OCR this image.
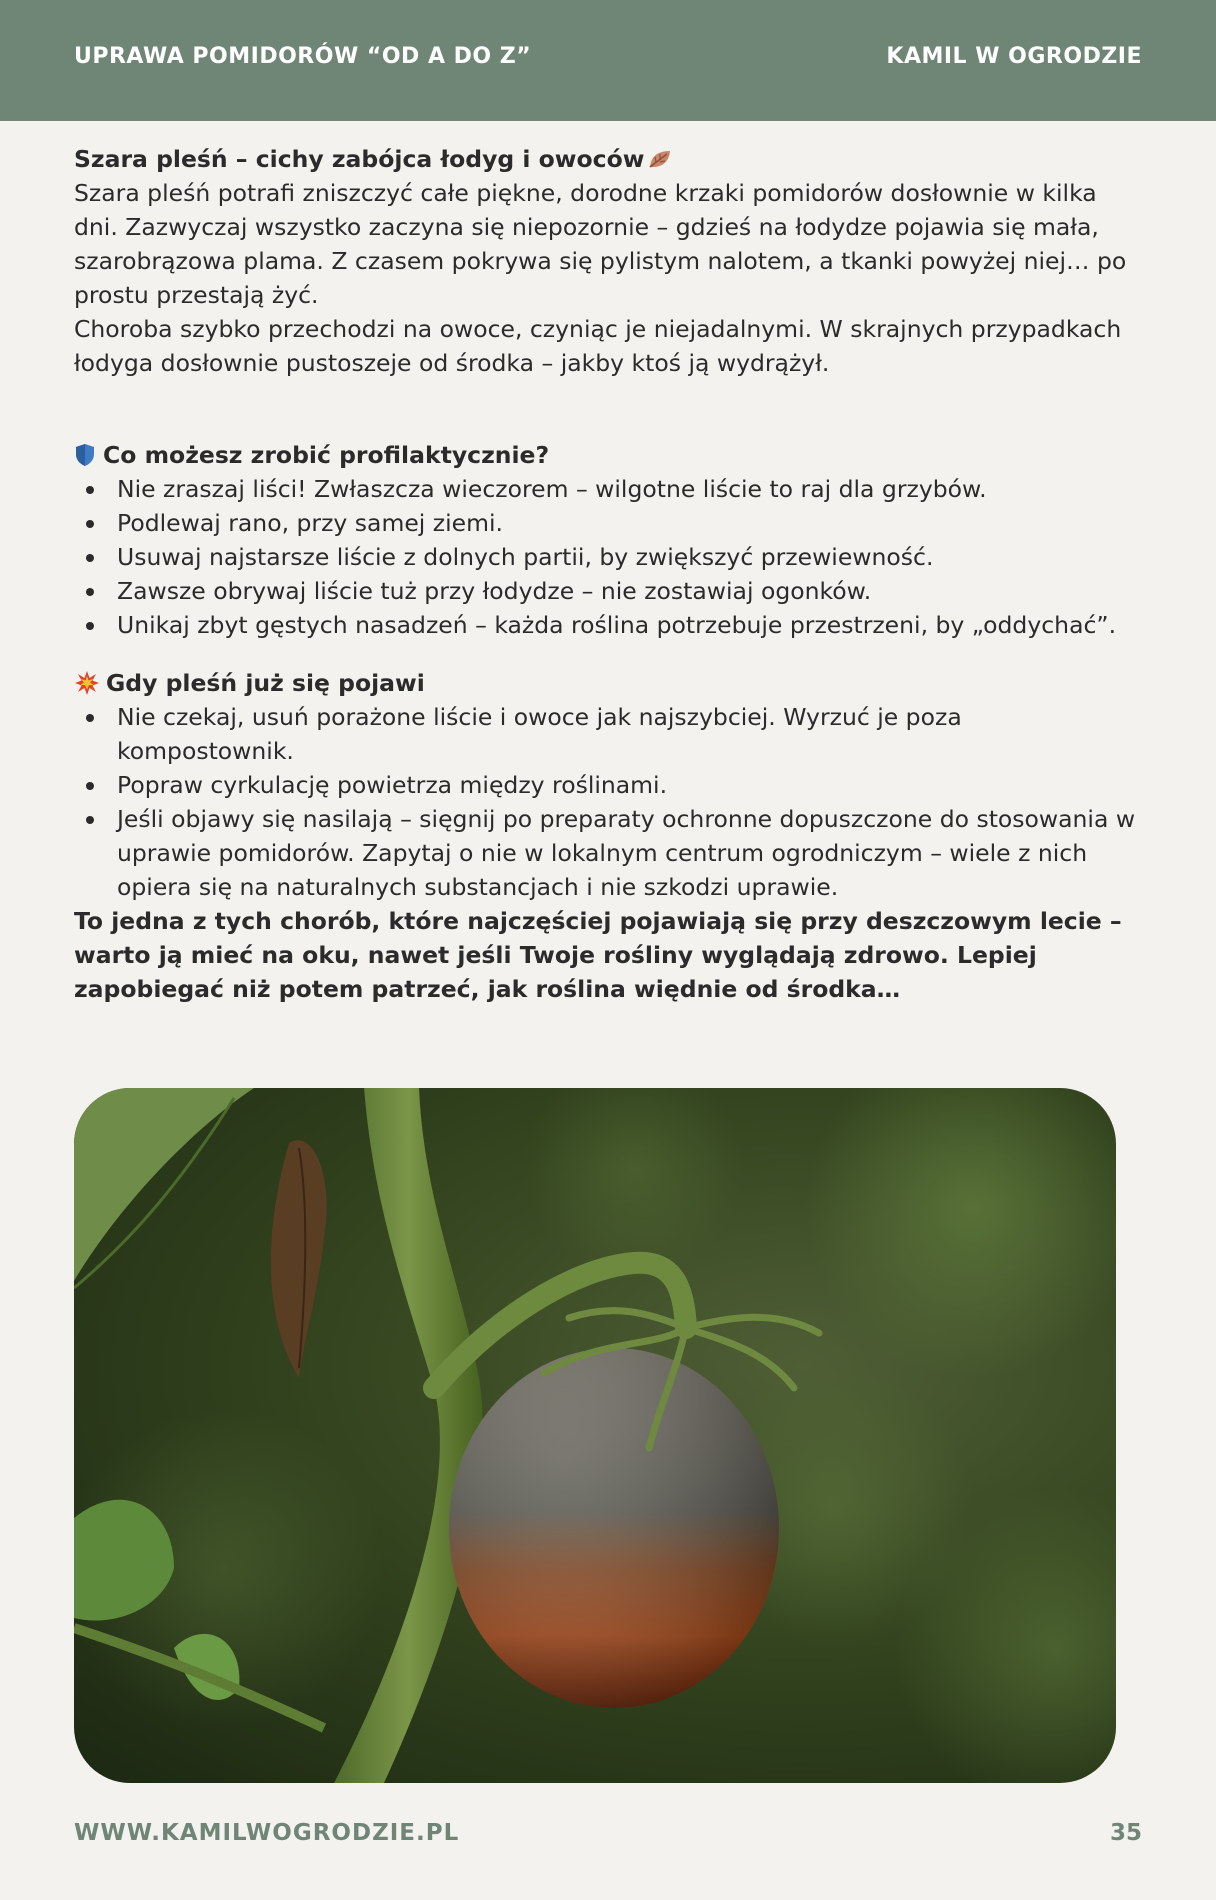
UPRAWA POMIDORÓW “OD A DO Z”	KAMIL W OGRODZIE

Szara pleśń – cichy zabójca łodyg i owoców

Szara pleśń potrafi zniszczyć całe piękne, dorodne krzaki pomidorów dosłownie w kilka dni. Zazwyczaj wszystko zaczyna się niepozornie – gdzieś na łodydze pojawia się mała, szarobrązowa plama. Z czasem pokrywa się pylistym nalotem, a tkanki powyżej niej… po prostu przestają żyć.

Choroba szybko przechodzi na owoce, czyniąc je niejadalnymi. W skrajnych przypadkach łodyga dosłownie pustoszeje od środka – jakby ktoś ją wydrążył.

Co możesz zrobić profilaktycznie?

Nie zraszaj liści! Zwłaszcza wieczorem – wilgotne liście to raj dla grzybów.
Podlewaj rano, przy samej ziemi.
Usuwaj najstarsze liście z dolnych partii, by zwiększyć przewiewność.
Zawsze obrywaj liście tuż przy łodydze – nie zostawiaj ogonków.
Unikaj zbyt gęstych nasadzeń – każda roślina potrzebuje przestrzeni, by „oddychać”.

Gdy pleśń już się pojawi

Nie czekaj, usuń porażone liście i owoce jak najszybciej. Wyrzuć je poza kompostownik.
Popraw cyrkulację powietrza między roślinami.
Jeśli objawy się nasilają – sięgnij po preparaty ochronne dopuszczone do stosowania w uprawie pomidorów. Zapytaj o nie w lokalnym centrum ogrodniczym – wiele z nich opiera się na naturalnych substancjach i nie szkodzi uprawie.

To jedna z tych chorób, które najczęściej pojawiają się przy deszczowym lecie – warto ją mieć na oku, nawet jeśli Twoje rośliny wyglądają zdrowo. Lepiej zapobiegać niż potem patrzeć, jak roślina więdnie od środka…

WWW.KAMILWOGRODZIE.PL	35
